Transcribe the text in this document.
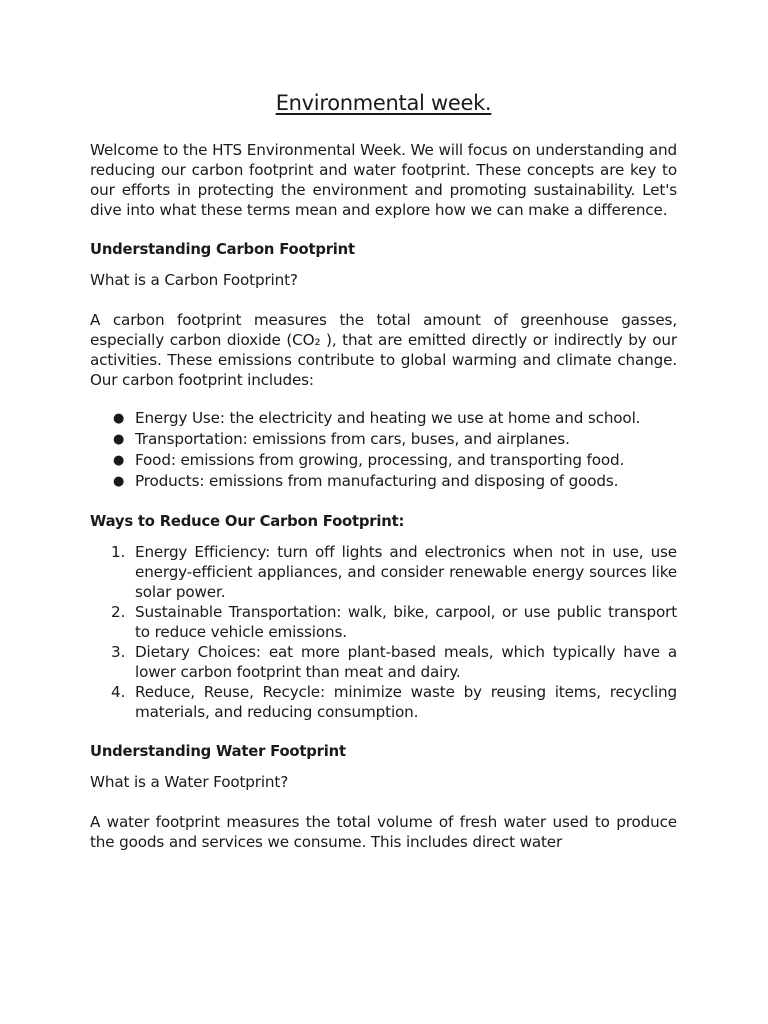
Environmental week.

Welcome to the HTS Environmental Week. We will focus on understanding and reducing our carbon footprint and water footprint. These concepts are key to our efforts in protecting the environment and promoting sustainability. Let's dive into what these terms mean and explore how we can make a difference.

Understanding Carbon Footprint

What is a Carbon Footprint?

A carbon footprint measures the total amount of greenhouse gasses, especially carbon dioxide (CO₂ ), that are emitted directly or indirectly by our activities. These emissions contribute to global warming and climate change. Our carbon footprint includes:

● Energy Use: the electricity and heating we use at home and school.
● Transportation: emissions from cars, buses, and airplanes.
● Food: emissions from growing, processing, and transporting food.
● Products: emissions from manufacturing and disposing of goods.
Ways to Reduce Our Carbon Footprint:
1. Energy Efficiency: turn off lights and electronics when not in use, use energy-efficient appliances, and consider renewable energy sources like solar power.
2. Sustainable Transportation: walk, bike, carpool, or use public transport to reduce vehicle emissions.
3. Dietary Choices: eat more plant-based meals, which typically have a lower carbon footprint than meat and dairy.
4. Reduce, Reuse, Recycle: minimize waste by reusing items, recycling materials, and reducing consumption.
Understanding Water Footprint

What is a Water Footprint?

A water footprint measures the total volume of fresh water used to produce the goods and services we consume. This includes direct water
